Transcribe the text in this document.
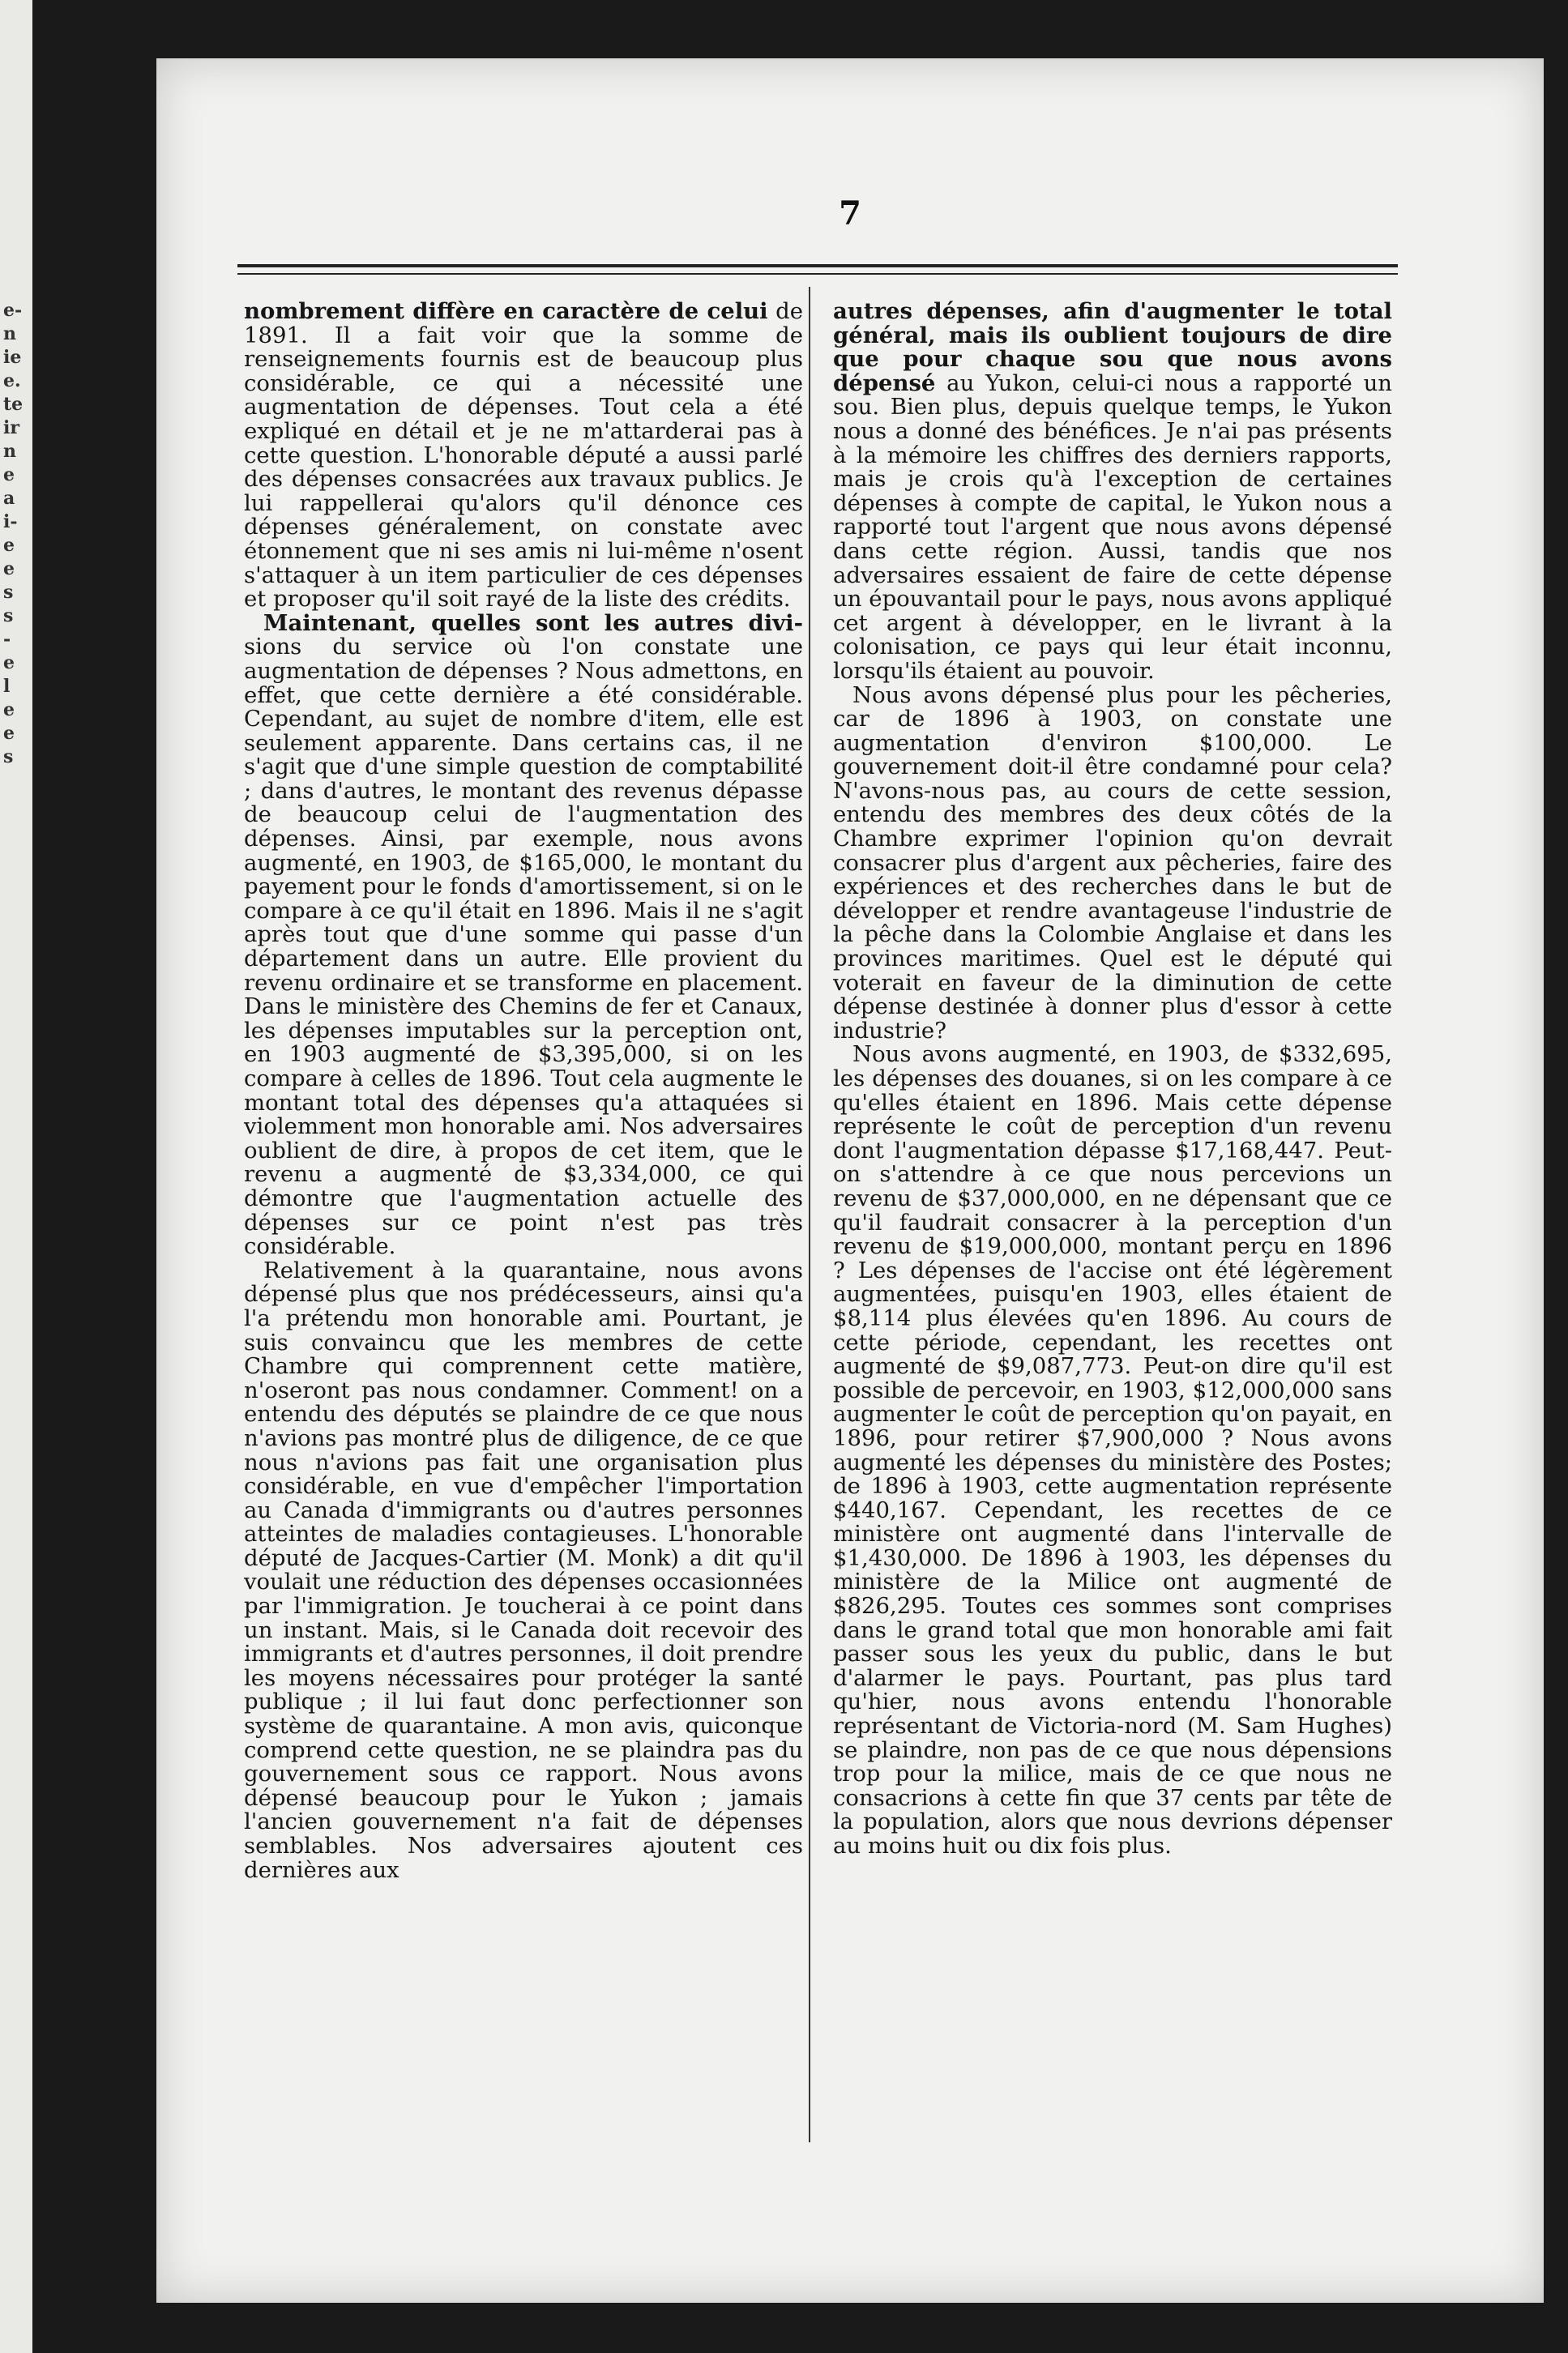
e-
n
ie
e.
te
ir
n
e
a
i-
e
e
s
s
-
e
l
e
e
s
7

nombrement diffère en caractère de celui de 1891. Il a fait voir que la somme de renseignements fournis est de beaucoup plus considérable, ce qui a nécessité une augmentation de dépenses. Tout cela a été expliqué en détail et je ne m'attarderai pas à cette question. L'honorable député a aussi parlé des dépenses consacrées aux travaux publics. Je lui rappellerai qu'alors qu'il dénonce ces dépenses généralement, on constate avec étonnement que ni ses amis ni lui-même n'osent s'attaquer à un item particulier de ces dépenses et proposer qu'il soit rayé de la liste des crédits.

Maintenant, quelles sont les autres divi-sions du service où l'on constate une augmentation de dépenses ? Nous admettons, en effet, que cette dernière a été considérable. Cependant, au sujet de nombre d'item, elle est seulement apparente. Dans certains cas, il ne s'agit que d'une simple question de comptabilité ; dans d'autres, le montant des revenus dépasse de beaucoup celui de l'augmentation des dépenses. Ainsi, par exemple, nous avons augmenté, en 1903, de $165,000, le montant du payement pour le fonds d'amortissement, si on le compare à ce qu'il était en 1896. Mais il ne s'agit après tout que d'une somme qui passe d'un département dans un autre. Elle provient du revenu ordinaire et se transforme en placement. Dans le ministère des Chemins de fer et Canaux, les dépenses imputables sur la perception ont, en 1903 augmenté de $3,395,000, si on les compare à celles de 1896. Tout cela augmente le montant total des dépenses qu'a attaquées si violemment mon honorable ami. Nos adversaires oublient de dire, à propos de cet item, que le revenu a augmenté de $3,334,000, ce qui démontre que l'augmentation actuelle des dépenses sur ce point n'est pas très considérable.

Relativement à la quarantaine, nous avons dépensé plus que nos prédécesseurs, ainsi qu'a l'a prétendu mon honorable ami. Pourtant, je suis convaincu que les membres de cette Chambre qui comprennent cette matière, n'oseront pas nous condamner. Comment! on a entendu des députés se plaindre de ce que nous n'avions pas montré plus de diligence, de ce que nous n'avions pas fait une organisation plus considérable, en vue d'empêcher l'importation au Canada d'immigrants ou d'autres personnes atteintes de maladies contagieuses. L'honorable député de Jacques-Cartier (M. Monk) a dit qu'il voulait une réduction des dépenses occasionnées par l'immigration. Je toucherai à ce point dans un instant. Mais, si le Canada doit recevoir des immigrants et d'autres personnes, il doit prendre les moyens nécessaires pour protéger la santé publique ; il lui faut donc perfectionner son système de quarantaine. A mon avis, quiconque comprend cette question, ne se plaindra pas du gouvernement sous ce rapport. Nous avons dépensé beaucoup pour le Yukon ; jamais l'ancien gouvernement n'a fait de dépenses semblables. Nos adversaires ajoutent ces dernières aux

autres dépenses, afin d'augmenter le total général, mais ils oublient toujours de dire que pour chaque sou que nous avons dépensé au Yukon, celui-ci nous a rapporté un sou. Bien plus, depuis quelque temps, le Yukon nous a donné des bénéfices. Je n'ai pas présents à la mémoire les chiffres des derniers rapports, mais je crois qu'à l'exception de certaines dépenses à compte de capital, le Yukon nous a rapporté tout l'argent que nous avons dépensé dans cette région. Aussi, tandis que nos adversaires essaient de faire de cette dépense un épouvantail pour le pays, nous avons appliqué cet argent à développer, en le livrant à la colonisation, ce pays qui leur était inconnu, lorsqu'ils étaient au pouvoir.

Nous avons dépensé plus pour les pêcheries, car de 1896 à 1903, on constate une augmentation d'environ $100,000. Le gouvernement doit-il être condamné pour cela? N'avons-nous pas, au cours de cette session, entendu des membres des deux côtés de la Chambre exprimer l'opinion qu'on devrait consacrer plus d'argent aux pêcheries, faire des expériences et des recherches dans le but de développer et rendre avantageuse l'industrie de la pêche dans la Colombie Anglaise et dans les provinces maritimes. Quel est le député qui voterait en faveur de la diminution de cette dépense destinée à donner plus d'essor à cette industrie?

Nous avons augmenté, en 1903, de $332,695, les dépenses des douanes, si on les compare à ce qu'elles étaient en 1896. Mais cette dépense représente le coût de perception d'un revenu dont l'augmentation dépasse $17,168,447. Peut-on s'attendre à ce que nous percevions un revenu de $37,000,000, en ne dépensant que ce qu'il faudrait consacrer à la perception d'un revenu de $19,000,000, montant perçu en 1896 ? Les dépenses de l'accise ont été légèrement augmentées, puisqu'en 1903, elles étaient de $8,114 plus élevées qu'en 1896. Au cours de cette période, cependant, les recettes ont augmenté de $9,087,773. Peut-on dire qu'il est possible de percevoir, en 1903, $12,000,000 sans augmenter le coût de perception qu'on payait, en 1896, pour retirer $7,900,000 ? Nous avons augmenté les dépenses du ministère des Postes; de 1896 à 1903, cette augmentation représente $440,167. Cependant, les recettes de ce ministère ont augmenté dans l'intervalle de $1,430,000. De 1896 à 1903, les dépenses du ministère de la Milice ont augmenté de $826,295. Toutes ces sommes sont comprises dans le grand total que mon honorable ami fait passer sous les yeux du public, dans le but d'alarmer le pays. Pourtant, pas plus tard qu'hier, nous avons entendu l'honorable représentant de Victoria-nord (M. Sam Hughes) se plaindre, non pas de ce que nous dépensions trop pour la milice, mais de ce que nous ne consacrions à cette fin que 37 cents par tête de la population, alors que nous devrions dépenser au moins huit ou dix fois plus.
